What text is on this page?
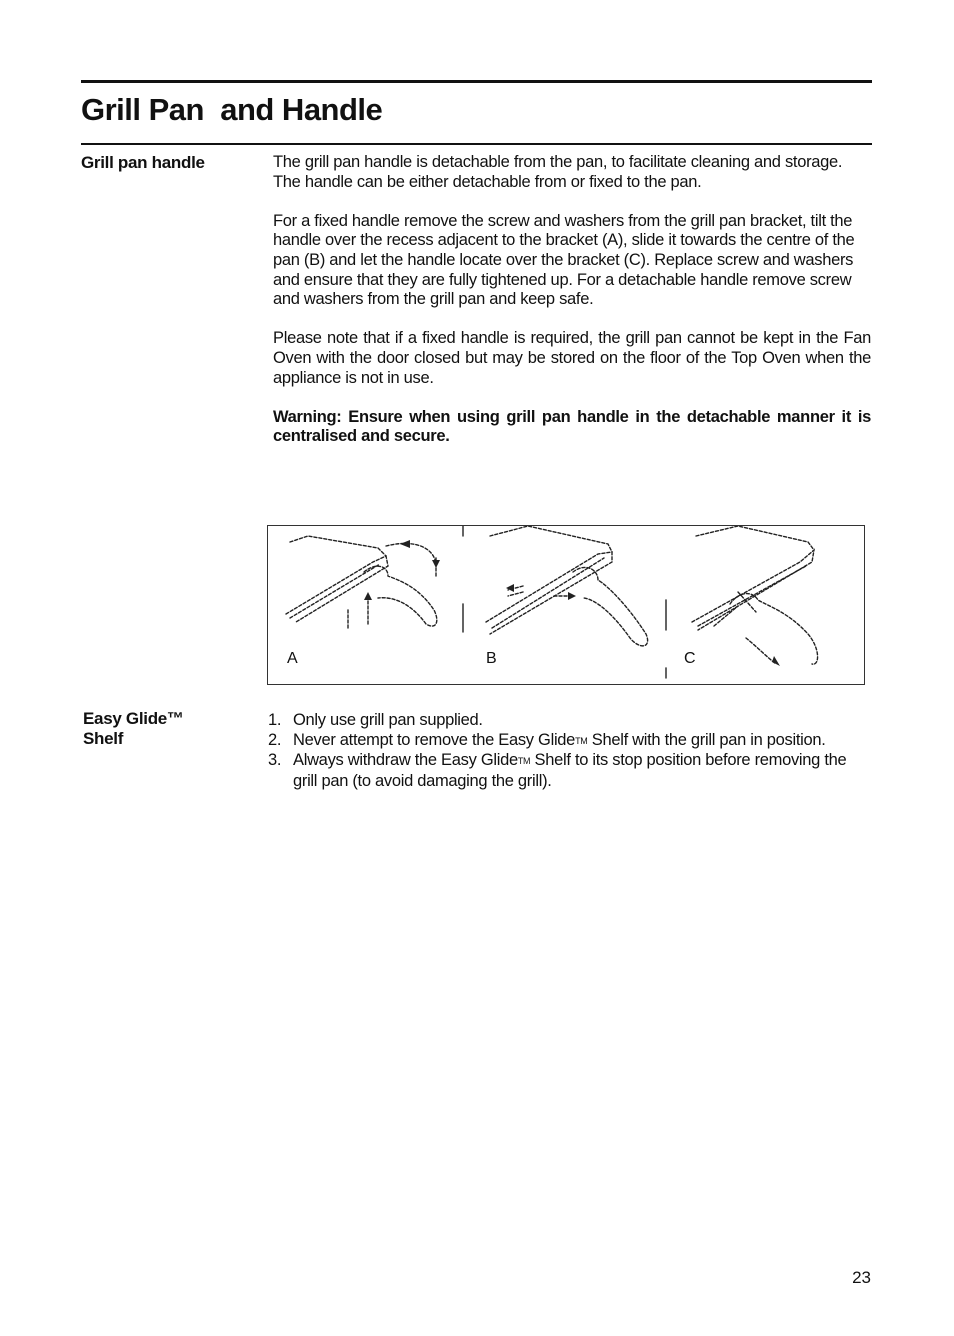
Grill Pan  and Handle
Grill pan handle	The grill pan handle is detachable from the pan, to facilitate cleaning and storage.

The handle can be either detachable from or fixed to the pan.

For a fixed handle remove the screw and washers from the grill pan bracket, tilt the handle over the recess adjacent to the bracket (A), slide it towards the centre of the pan (B) and let the handle locate over the bracket (C). Replace screw and washers and ensure that they are fully tightened up. For a detachable handle remove screw and washers from the grill pan and keep safe.

Please note that if a fixed handle is required, the grill pan cannot be kept in the Fan Oven with the door closed but may be stored on the floor of the Top Oven when the appliance is not in use.

Warning: Ensure when using grill pan handle in the detachable manner it is centralised and secure.

A	B	C
Easy Glide™ Shelf
1. Only use grill pan supplied.
2. Never attempt to remove the Easy GlideTM Shelf with the grill pan in position.
3. Always withdraw the Easy GlideTM Shelf to its stop position before removing the grill pan (to avoid damaging the grill).
23
